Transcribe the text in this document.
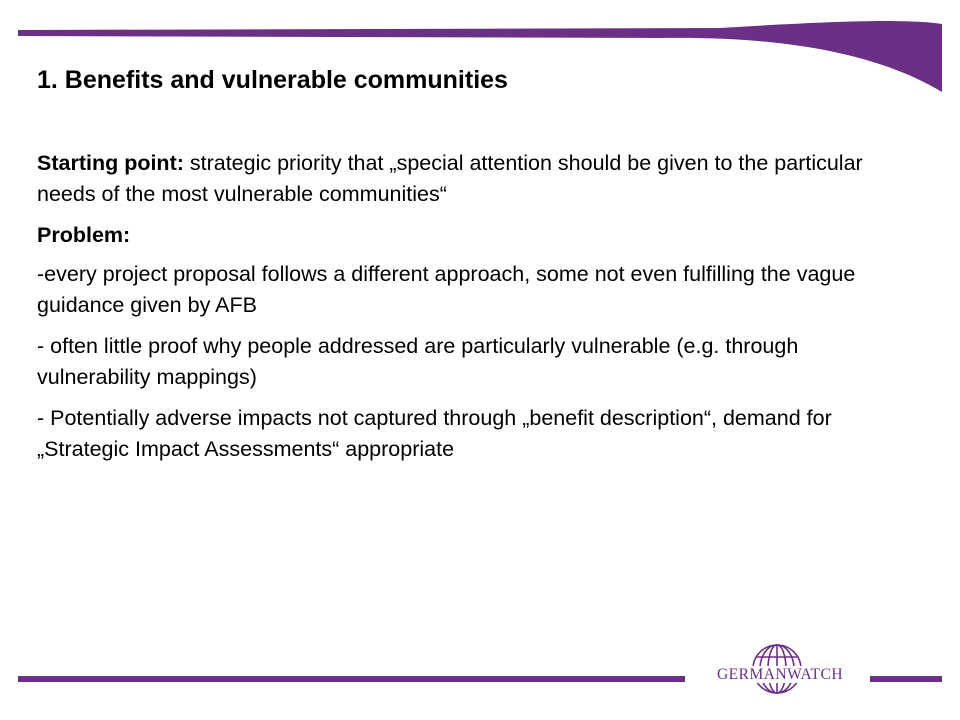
1. Benefits and vulnerable communities

Starting point: strategic priority that „special attention should be given to the particular needs of the most vulnerable communities“

Problem:

-every project proposal follows a different approach, some not even fulfilling the vague guidance given by AFB

- often little proof why people addressed are particularly vulnerable (e.g. through vulnerability mappings)

- Potentially adverse impacts not captured through „benefit description“, demand for „Strategic Impact Assessments“ appropriate

GERMANWATCH
